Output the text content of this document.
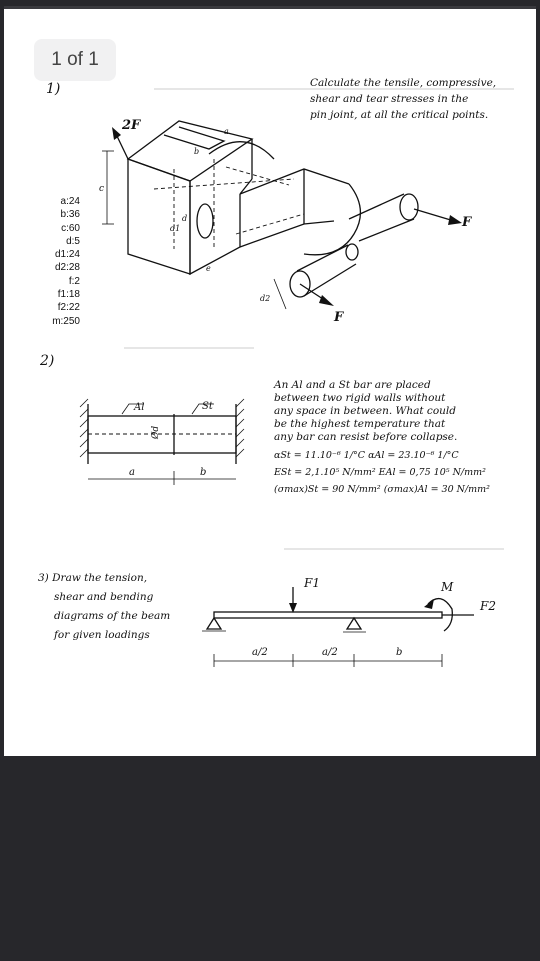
2F
F
F
c
a
b
e
d
d1
d2
Al	St
Ød
a	b
F1	M
F2
a/2	a/2	b
1 of 1
1)	Calculate the tensile, compressive,
shear and tear stresses in the
pin joint, at all the critical points.
a:24
b:36
c:60
d:5
d1:24
d2:28
f:2
f1:18
f2:22
m:250
2)
An Al and a St bar are placed
between two rigid walls without
any space in between. What could
be the highest temperature that
any bar can resist before collapse.
αSt = 11.10⁻⁶ 1/°C αAl = 23.10⁻⁶ 1/°C
ESt = 2,1.10⁵ N/mm² EAl = 0,75 10⁵ N/mm²
(σmax)St = 90 N/mm² (σmax)Al = 30 N/mm²
3) Draw the tension,
shear and bending
diagrams of the beam
for given loadings
